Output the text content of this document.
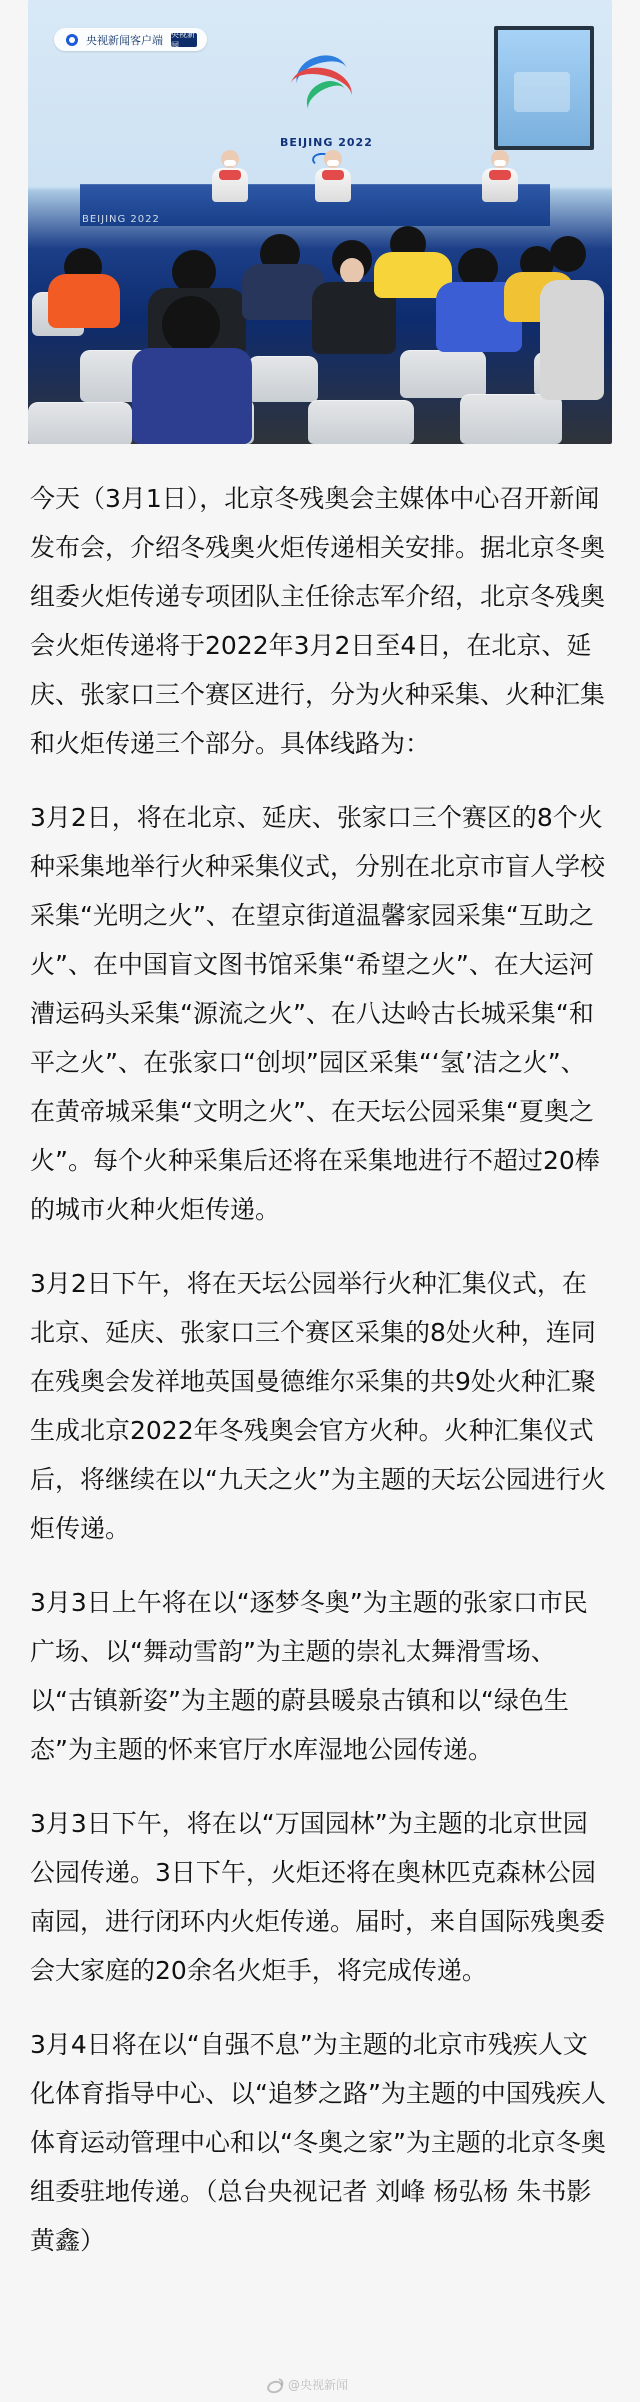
央视新闻客户端 央视新闻
BEIJING 2022
BEIJING 2022

今天（3月1日），北京冬残奥会主媒体中心召开新闻发布会，介绍冬残奥火炬传递相关安排。据北京冬奥组委火炬传递专项团队主任徐志军介绍，北京冬残奥会火炬传递将于2022年3月2日至4日，在北京、延庆、张家口三个赛区进行，分为火种采集、火种汇集和火炬传递三个部分。具体线路为：

3月2日，将在北京、延庆、张家口三个赛区的8个火种采集地举行火种采集仪式，分别在北京市盲人学校采集“光明之火”、在望京街道温馨家园采集“互助之火”、在中国盲文图书馆采集“希望之火”、在大运河漕运码头采集“源流之火”、在八达岭古长城采集“和平之火”、在张家口“创坝”园区采集“‘氢’洁之火”、在黄帝城采集“文明之火”、在天坛公园采集“夏奥之火”。每个火种采集后还将在采集地进行不超过20棒的城市火种火炬传递。

3月2日下午，将在天坛公园举行火种汇集仪式，在北京、延庆、张家口三个赛区采集的8处火种，连同在残奥会发祥地英国曼德维尔采集的共9处火种汇聚生成北京2022年冬残奥会官方火种。火种汇集仪式后，将继续在以“九天之火”为主题的天坛公园进行火炬传递。

3月3日上午将在以“逐梦冬奥”为主题的张家口市民广场、以“舞动雪韵”为主题的崇礼太舞滑雪场、以“古镇新姿”为主题的蔚县暖泉古镇和以“绿色生态”为主题的怀来官厅水库湿地公园传递。

3月3日下午，将在以“万国园林”为主题的北京世园公园传递。3日下午，火炬还将在奥林匹克森林公园南园，进行闭环内火炬传递。届时，来自国际残奥委会大家庭的20余名火炬手，将完成传递。

3月4日将在以“自强不息”为主题的北京市残疾人文化体育指导中心、以“追梦之路”为主题的中国残疾人体育运动管理中心和以“冬奥之家”为主题的北京冬奥组委驻地传递。（总台央视记者 刘峰 杨弘杨 朱书影 黄鑫）

@央视新闻
